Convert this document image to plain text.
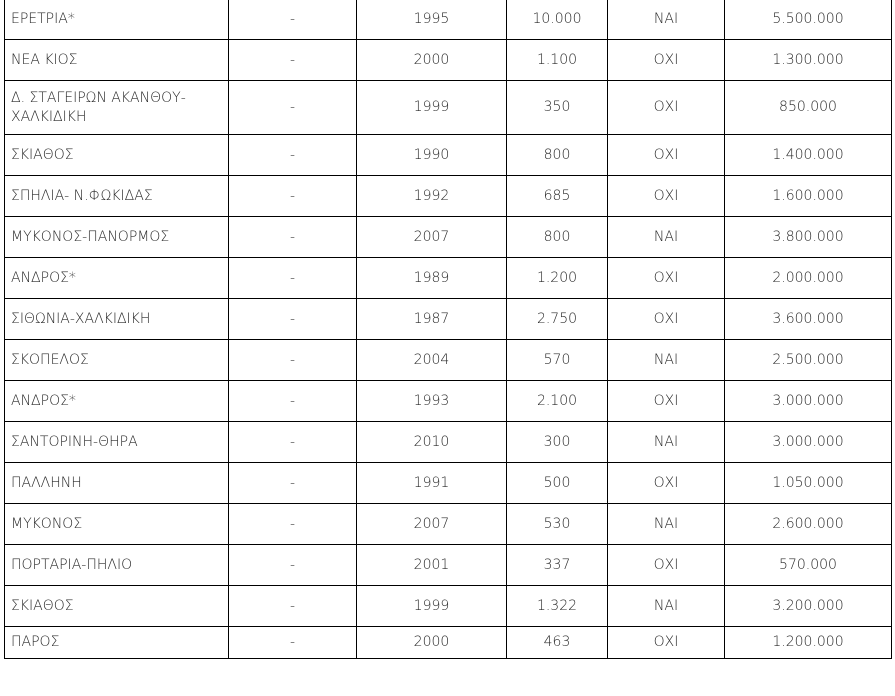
ΕΡΕΤΡΙΑ*	-	1995	10.000	ΝΑΙ	5.500.000
ΝΕΑ ΚΙΟΣ	-	2000	1.100	ΟΧΙ	1.300.000
Δ. ΣΤΑΓΕΙΡΩΝ ΑΚΑΝΘΟΥ- ΧΑΛΚΙΔΙΚΗ	-	1999	350	ΟΧΙ	850.000
ΣΚΙΑΘΟΣ	-	1990	800	ΟΧΙ	1.400.000
ΣΠΗΛΙΑ- Ν.ΦΩΚΙΔΑΣ	-	1992	685	ΟΧΙ	1.600.000
ΜΥΚΟΝΟΣ-ΠΑΝΟΡΜΟΣ	-	2007	800	ΝΑΙ	3.800.000
ΑΝΔΡΟΣ*	-	1989	1.200	ΟΧΙ	2.000.000
ΣΙΘΩΝΙΑ-ΧΑΛΚΙΔΙΚΗ	-	1987	2.750	ΟΧΙ	3.600.000
ΣΚΟΠΕΛΟΣ	-	2004	570	ΝΑΙ	2.500.000
ΑΝΔΡΟΣ*	-	1993	2.100	ΟΧΙ	3.000.000
ΣΑΝΤΟΡΙΝΗ-ΘΗΡΑ	-	2010	300	ΝΑΙ	3.000.000
ΠΑΛΛΗΝΗ	-	1991	500	ΟΧΙ	1.050.000
ΜΥΚΟΝΟΣ	-	2007	530	ΝΑΙ	2.600.000
ΠΟΡΤΑΡΙΑ-ΠΗΛΙΟ	-	2001	337	ΟΧΙ	570.000
ΣΚΙΑΘΟΣ	-	1999	1.322	ΝΑΙ	3.200.000
ΠΑΡΟΣ	-	2000	463	ΟΧΙ	1.200.000
